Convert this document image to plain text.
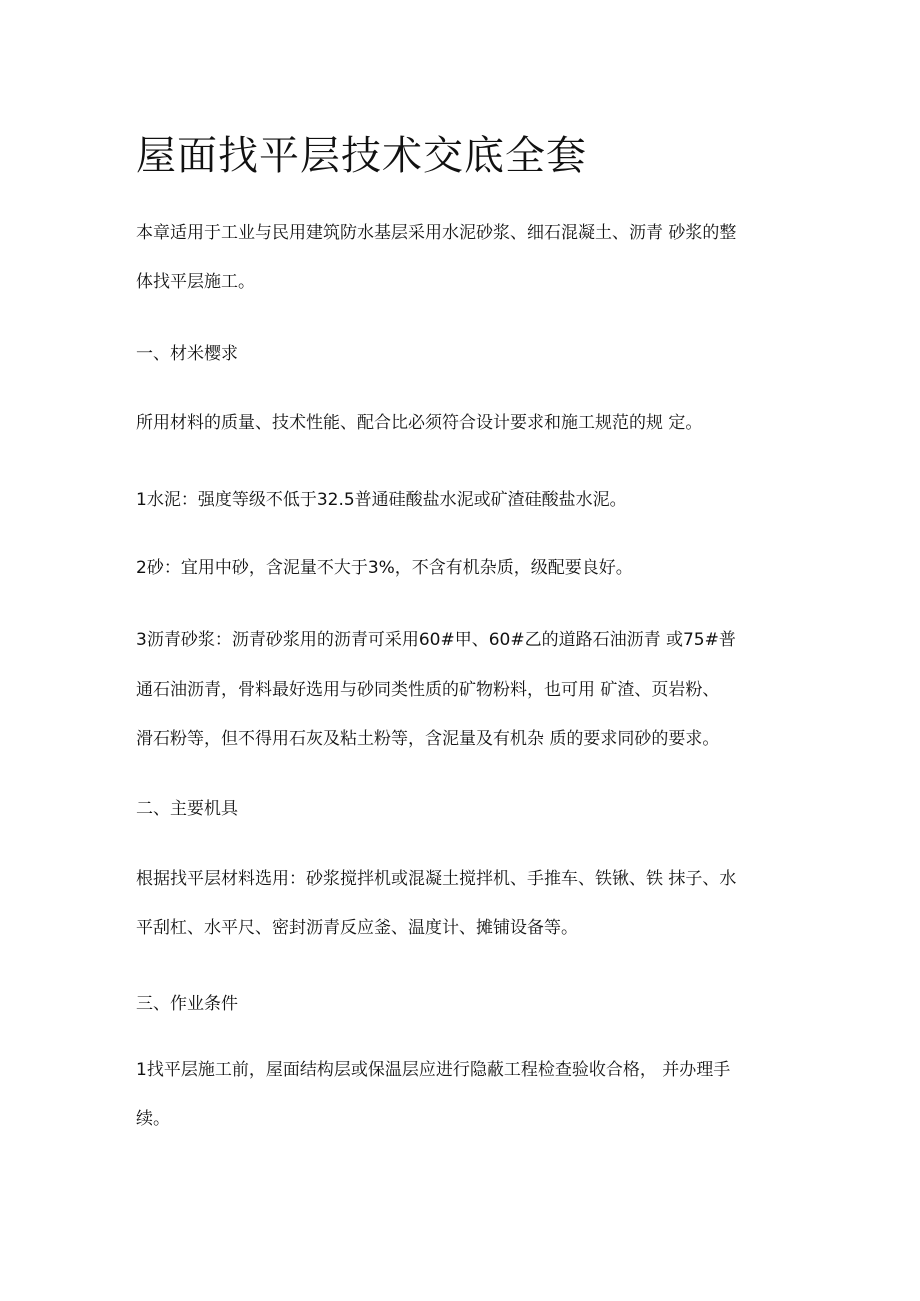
屋面找平层技术交底全套

本章适用于工业与民用建筑防水基层采用水泥砂浆、细石混凝土、沥青 砂浆的整

体找平层施工。

一、材米樱求

所用材料的质量、技术性能、配合比必须符合设计要求和施工规范的规 定。

1水泥：强度等级不低于32.5普通硅酸盐水泥或矿渣硅酸盐水泥。

2砂：宜用中砂，含泥量不大于3%，不含有机杂质，级配要良好。

3沥青砂浆：沥青砂浆用的沥青可采用60#甲、60#乙的道路石油沥青 或75#普

通石油沥青，骨料最好选用与砂同类性质的矿物粉料，也可用 矿渣、页岩粉、

滑石粉等，但不得用石灰及粘土粉等，含泥量及有机杂 质的要求同砂的要求。

二、主要机具

根据找平层材料选用：砂浆搅拌机或混凝土搅拌机、手推车、铁锹、铁 抹子、水

平刮杠、水平尺、密封沥青反应釜、温度计、摊铺设备等。

三、作业条件

1找平层施工前，屋面结构层或保温层应进行隐蔽工程检查验收合格， 并办理手

续。
